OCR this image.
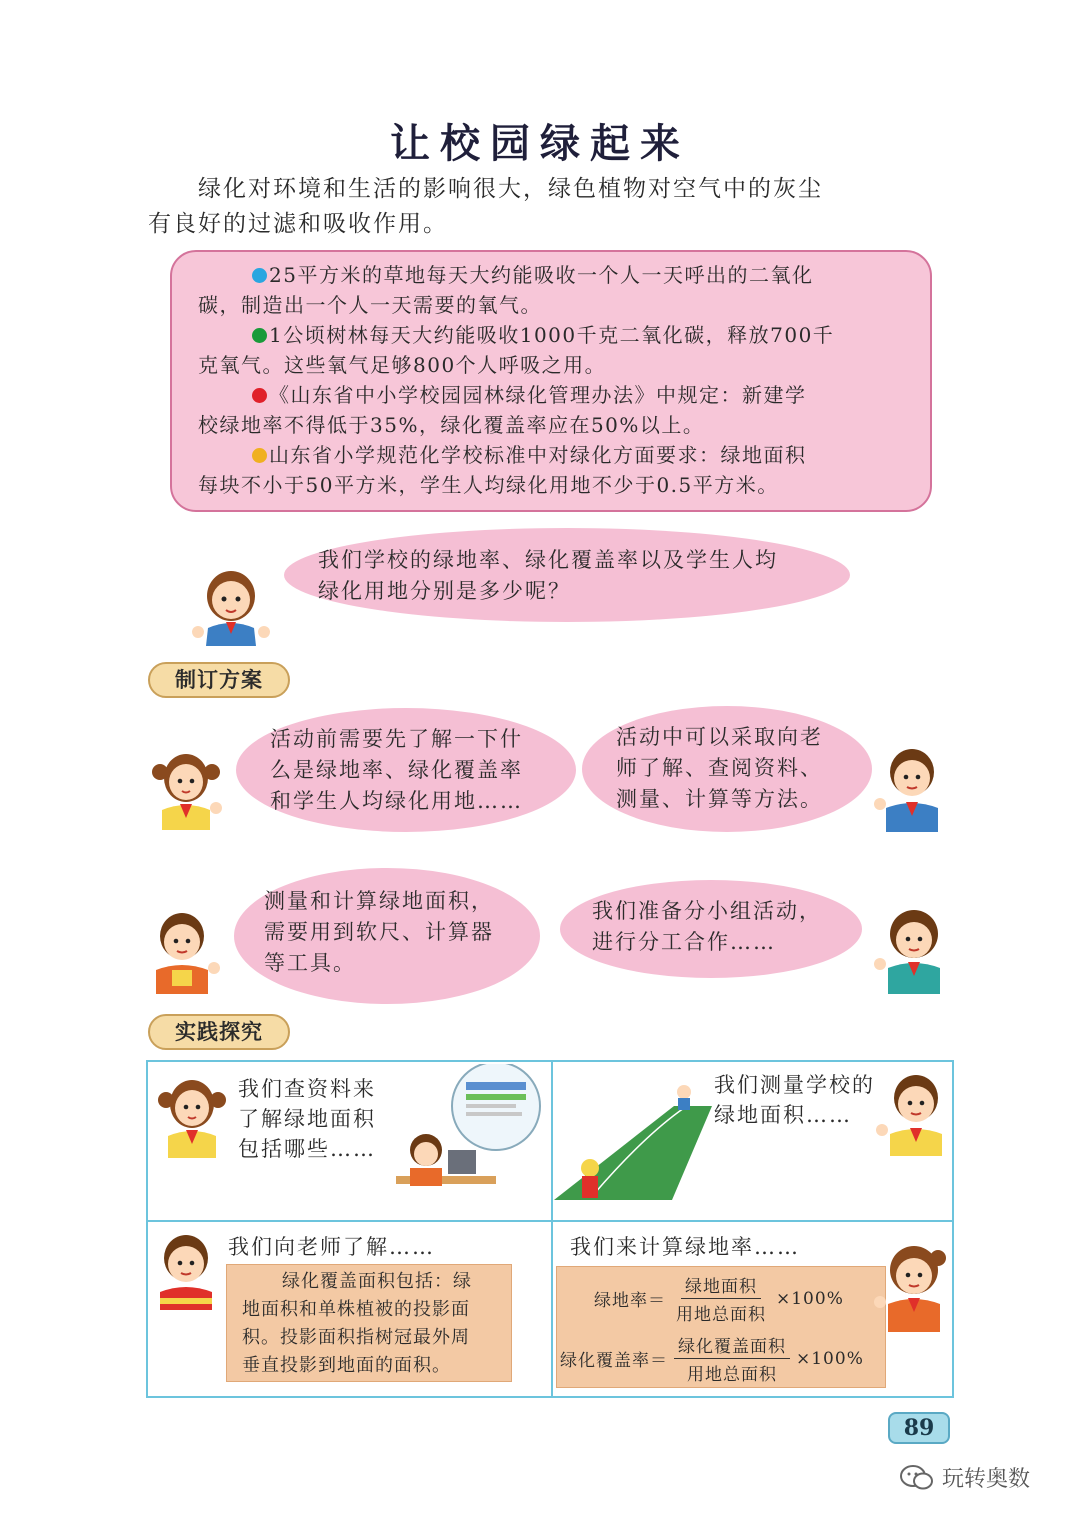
让校园绿起来
绿化对环境和生活的影响很大，绿色植物对空气中的灰尘
有良好的过滤和吸收作用。
25平方米的草地每天大约能吸收一个人一天呼出的二氧化
碳，制造出一个人一天需要的氧气。
1公顷树林每天大约能吸收1000千克二氧化碳，释放700千
克氧气。这些氧气足够800个人呼吸之用。
《山东省中小学校园园林绿化管理办法》中规定：新建学
校绿地率不得低于35%，绿化覆盖率应在50%以上。
山东省小学规范化学校标准中对绿化方面要求：绿地面积
每块不小于50平方米，学生人均绿化用地不少于0.5平方米。
我们学校的绿地率、绿化覆盖率以及学生人均
绿化用地分别是多少呢？
制订方案
活动前需要先了解一下什
么是绿地率、绿化覆盖率
和学生人均绿化用地……
活动中可以采取向老
师了解、查阅资料、
测量、计算等方法。
测量和计算绿地面积，
需要用到软尺、计算器
等工具。
我们准备分小组活动，
进行分工合作……
实践探究
我们查资料来
了解绿地面积
包括哪些……
我们测量学校的
绿地面积……
我们向老师了解……
绿化覆盖面积包括：绿
地面积和单株植被的投影面
积。投影面积指树冠最外周
垂直投影到地面的面积。
我们来计算绿地率……
绿地率＝ $\frac{\text{绿地面积}}{\text{用地总面积}} \times 100\%$
绿化覆盖率＝ $\frac{\text{绿化覆盖面积}}{\text{用地总面积}} \times 100\%$
89
玩转奥数
